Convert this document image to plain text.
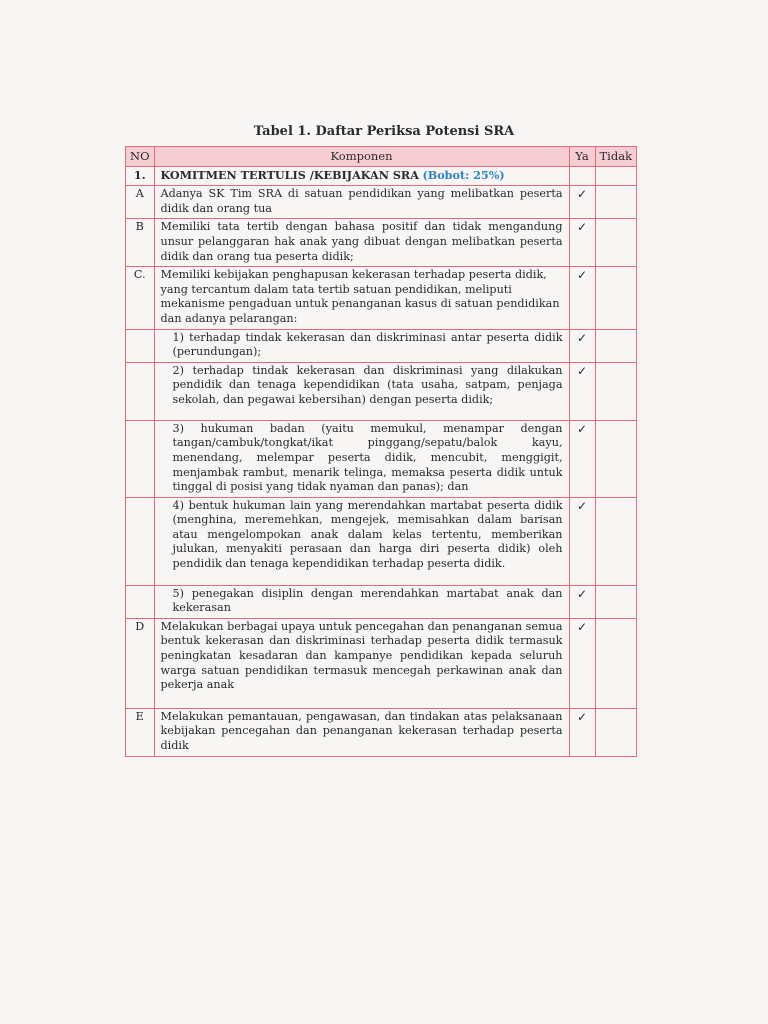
Tabel 1. Daftar Periksa Potensi SRA
NO	Komponen	Ya	Tidak
1.	KOMITMEN TERTULIS /KEBIJAKAN SRA (Bobot: 25%)		
A	Adanya SK Tim SRA di satuan pendidikan yang melibatkan peserta didik dan orang tua	✓	
B	Memiliki tata tertib dengan bahasa positif dan tidak mengandung unsur pelanggaran hak anak yang dibuat dengan melibatkan peserta didik dan orang tua peserta didik;	✓	
C.	Memiliki kebijakan penghapusan kekerasan terhadap peserta didik, yang tercantum dalam tata tertib satuan pendidikan, meliputi mekanisme pengaduan untuk penanganan kasus di satuan pendidikan dan adanya pelarangan:	✓	
	1) terhadap tindak kekerasan dan diskriminasi antar peserta didik (perundungan);	✓	
	2) terhadap tindak kekerasan dan diskriminasi yang dilakukan pendidik dan tenaga kependidikan (tata usaha, satpam, penjaga sekolah, dan pegawai kebersihan) dengan peserta didik;	✓	
	3) hukuman badan (yaitu memukul, menampar dengan tangan/cambuk/tongkat/ikat pinggang/sepatu/balok kayu, menendang, melempar peserta didik, mencubit, menggigit, menjambak rambut, menarik telinga, memaksa peserta didik untuk tinggal di posisi yang tidak nyaman dan panas); dan	✓	
	4) bentuk hukuman lain yang merendahkan martabat peserta didik (menghina, meremehkan, mengejek, memisahkan dalam barisan atau mengelompokan anak dalam kelas tertentu, memberikan julukan, menyakiti perasaan dan harga diri peserta didik) oleh pendidik dan tenaga kependidikan terhadap peserta didik.	✓	
	5) penegakan disiplin dengan merendahkan martabat anak dan kekerasan	✓	
D	Melakukan berbagai upaya untuk pencegahan dan penanganan semua bentuk kekerasan dan diskriminasi terhadap peserta didik termasuk peningkatan kesadaran dan kampanye pendidikan kepada seluruh warga satuan pendidikan termasuk mencegah perkawinan anak dan pekerja anak	✓	
E	Melakukan pemantauan, pengawasan, dan tindakan atas pelaksanaan kebijakan pencegahan dan penanganan kekerasan terhadap peserta didik	✓	
